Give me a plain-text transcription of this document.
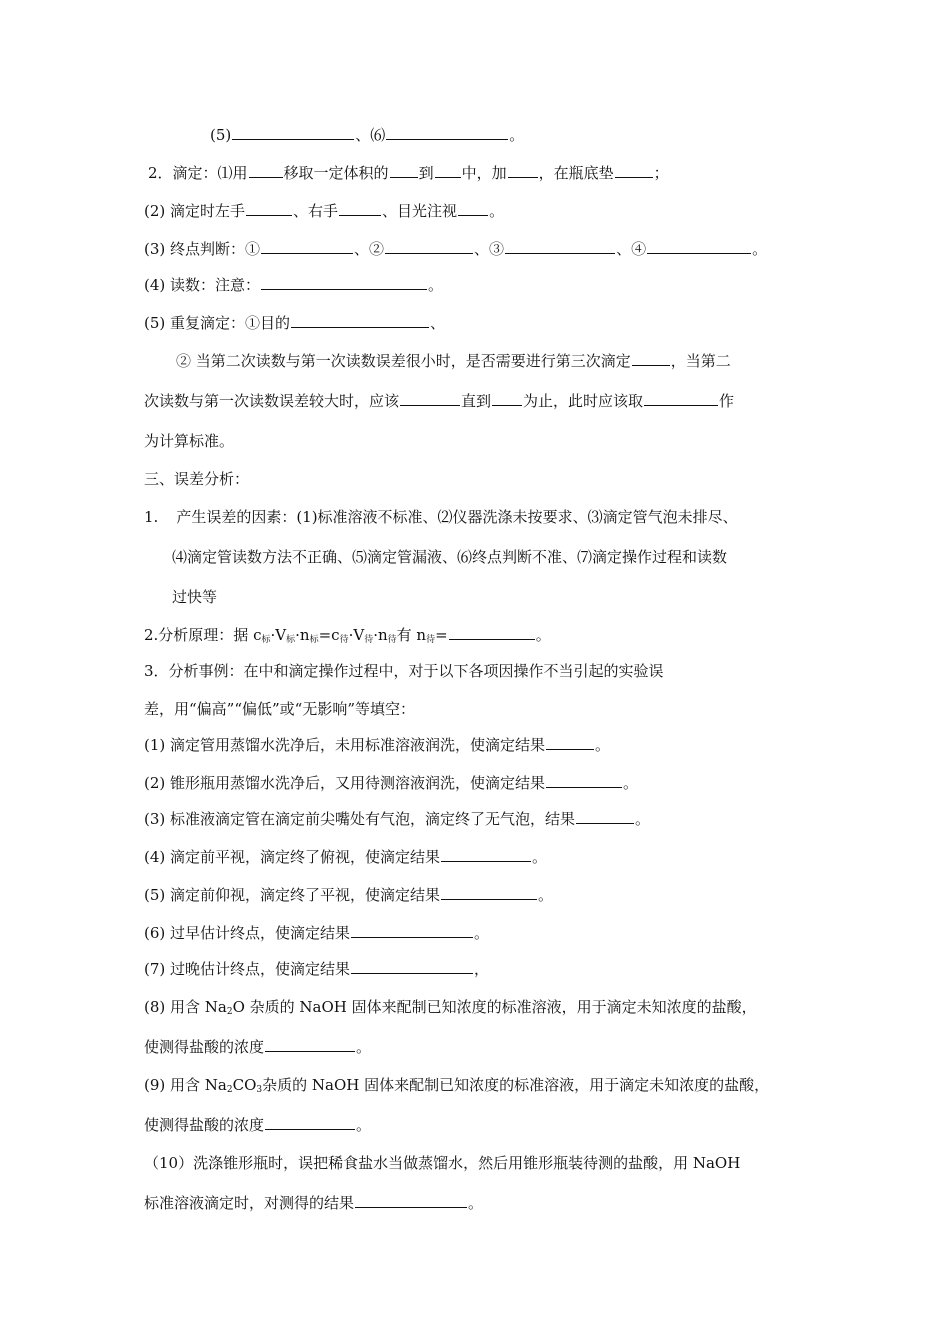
(5)	、⑹	。
2．滴定：⑴用 移取一定体积的 到 中，加 ，在瓶底垫	；
(2) 滴定时左手	、右手	、目光注视 。
(3) 终点判断：①	、②	、③	、④	。
(4) 读数：注意：	。
(5) 重复滴定：①目的	、
② 当第二次读数与第一次读数误差很小时，是否需要进行第三次滴定	，当第二
次读数与第一次读数误差较大时，应该	直到 为止，此时应该取	作
为计算标准。
三、误差分析：
1. 产生误差的因素：(1)标准溶液不标准、⑵仪器洗涤未按要求、⑶滴定管气泡未排尽、
⑷滴定管读数方法不正确、⑸滴定管漏液、⑹终点判断不准、⑺滴定操作过程和读数
过快等
2.分析原理：据 $c_标\cdot V_标\cdot n_标=c_待\cdot V_待\cdot n_待$有 $n_待=$	。
3．分析事例：在中和滴定操作过程中，对于以下各项因操作不当引起的实验误
差，用“偏高”“偏低”或“无影响”等填空：
(1) 滴定管用蒸馏水洗净后，未用标准溶液润洗，使滴定结果	。
(2) 锥形瓶用蒸馏水洗净后，又用待测溶液润洗，使滴定结果	。
(3) 标准液滴定管在滴定前尖嘴处有气泡，滴定终了无气泡，结果	。
(4) 滴定前平视，滴定终了俯视，使滴定结果	。
(5) 滴定前仰视，滴定终了平视，使滴定结果	。
(6) 过早估计终点，使滴定结果	。
(7) 过晚估计终点，使滴定结果	，
(8) 用含 $Na_2O$ 杂质的 NaOH 固体来配制已知浓度的标准溶液，用于滴定未知浓度的盐酸，
使测得盐酸的浓度	。
(9) 用含 $Na_2CO_3$杂质的 NaOH 固体来配制已知浓度的标准溶液，用于滴定未知浓度的盐酸，
使测得盐酸的浓度	。
（10）洗涤锥形瓶时，误把稀食盐水当做蒸馏水，然后用锥形瓶装待测的盐酸，用 NaOH
标准溶液滴定时，对测得的结果	。
